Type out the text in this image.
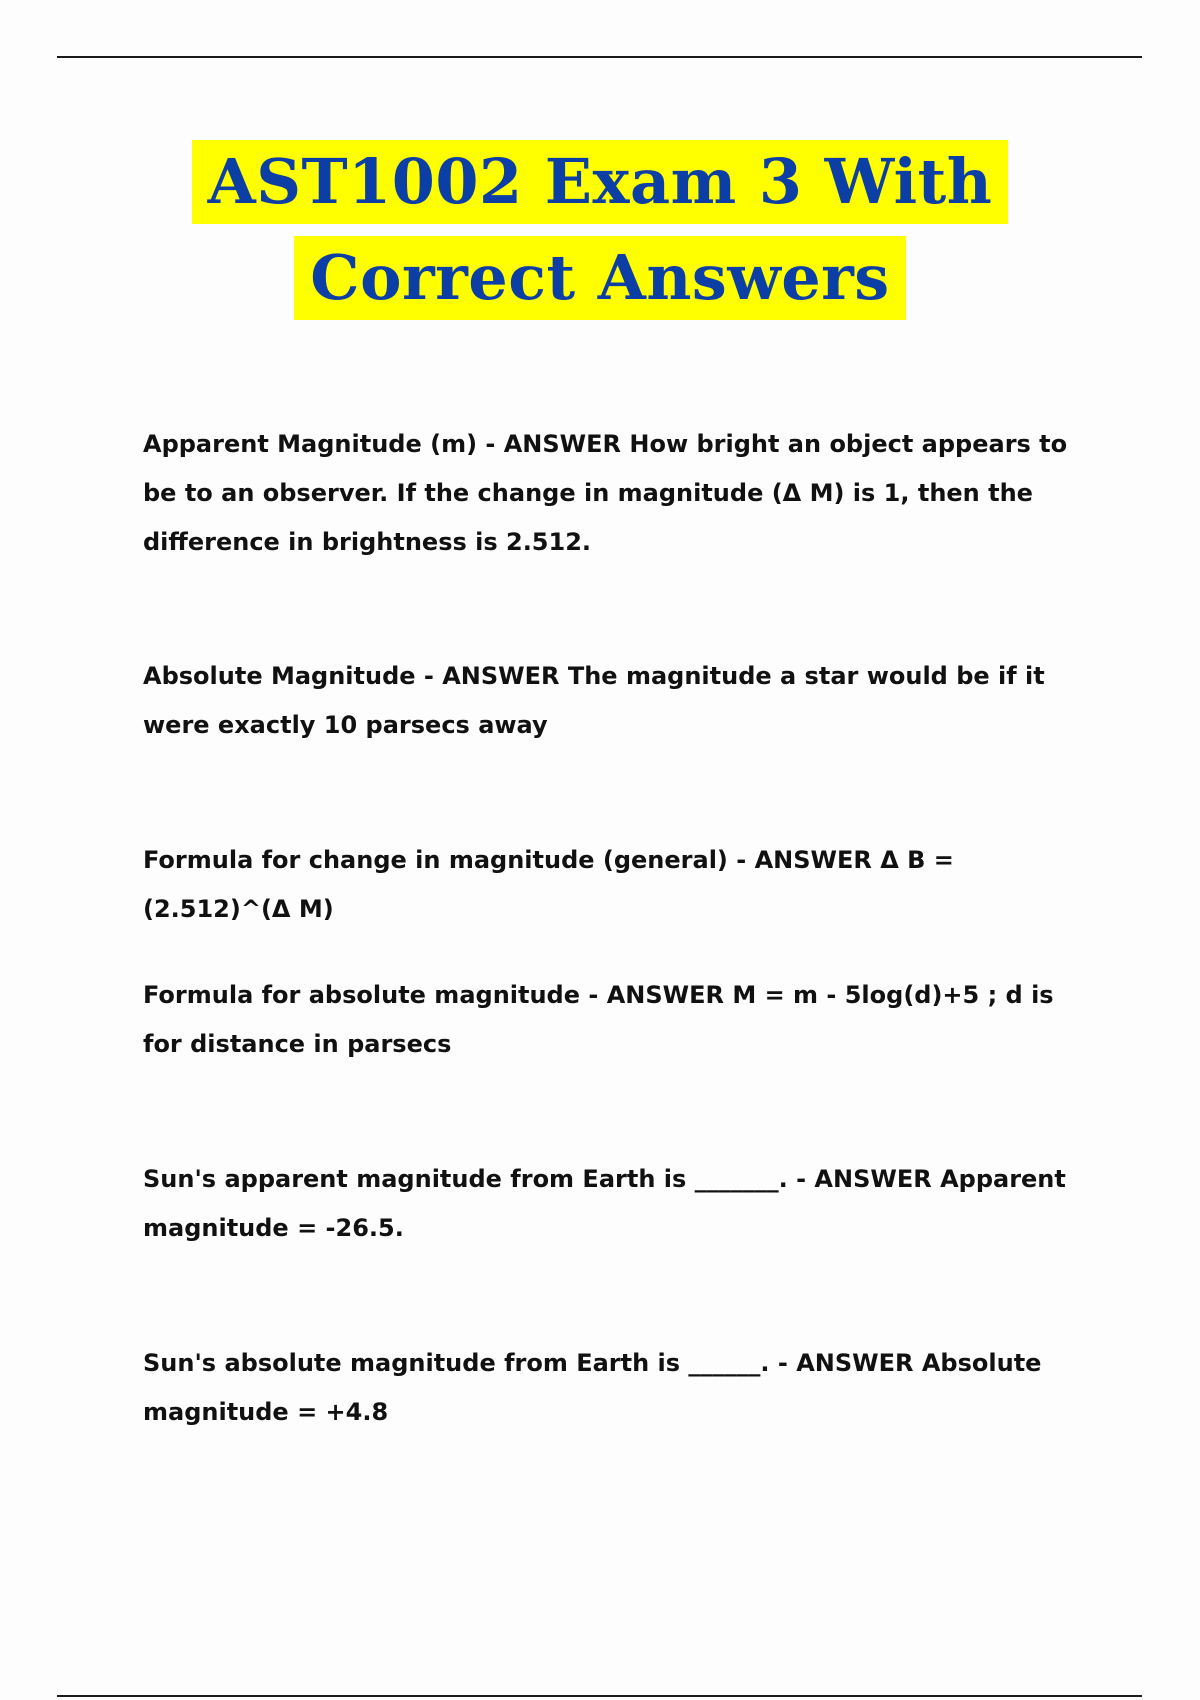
AST1002 Exam 3 With
Correct Answers

Apparent Magnitude (m) - ANSWER How bright an object appears to be to an observer. If the change in magnitude (Δ M) is 1, then the difference in brightness is 2.512.

Absolute Magnitude - ANSWER The magnitude a star would be if it were exactly 10 parsecs away

Formula for change in magnitude (general) - ANSWER Δ B = (2.512)^(Δ M)

Formula for absolute magnitude - ANSWER M = m - 5log(d)+5 ; d is for distance in parsecs

Sun's apparent magnitude from Earth is _______. - ANSWER Apparent magnitude = -26.5.

Sun's absolute magnitude from Earth is ______. - ANSWER Absolute magnitude = +4.8
